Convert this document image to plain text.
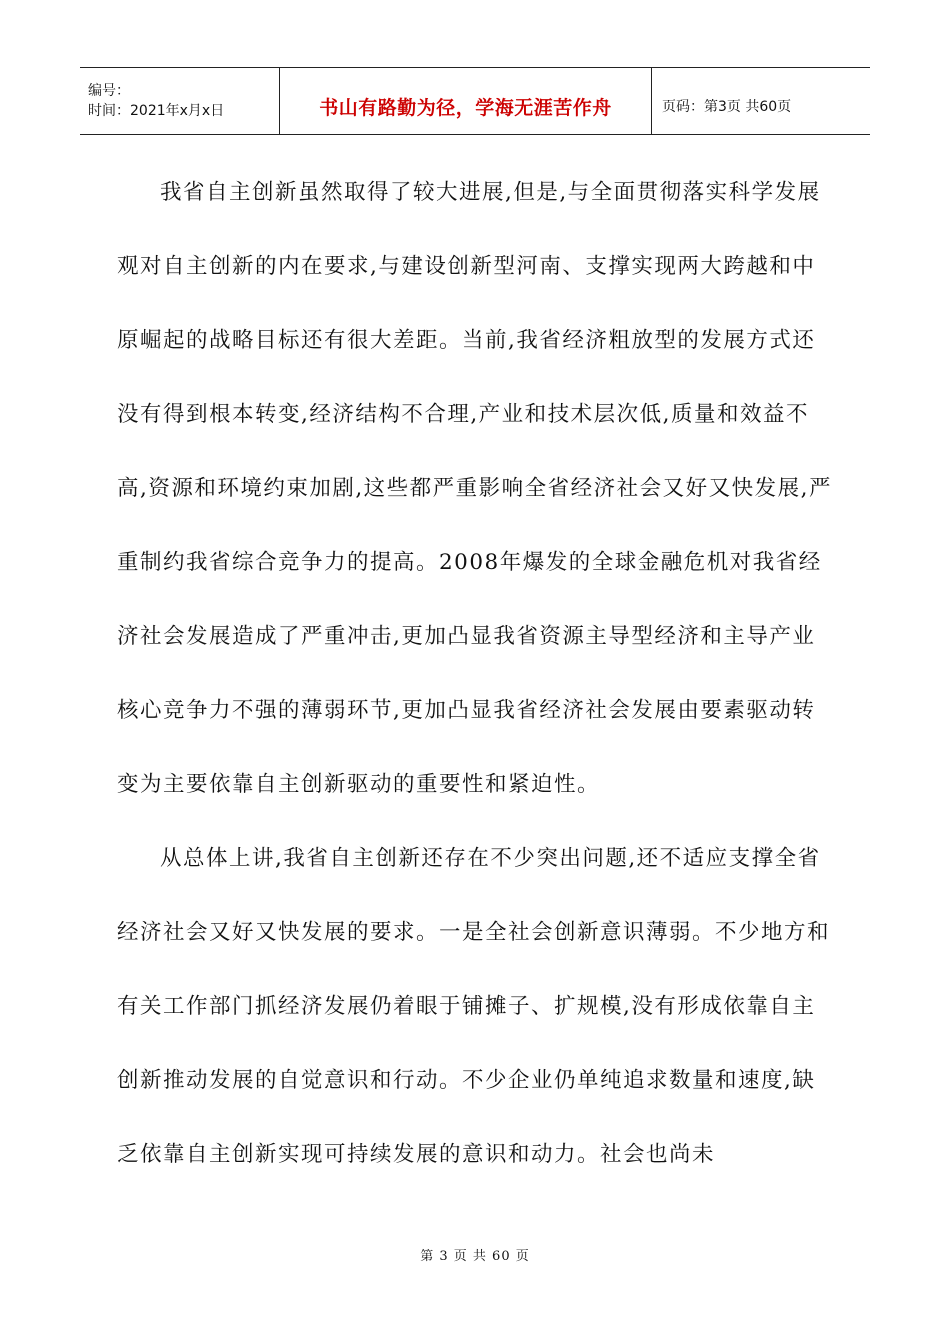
编号：
时间：2021年x月x日	书山有路勤为径，学海无涯苦作舟	页码：第3页 共60页

我省自主创新虽然取得了较大进展,但是,与全面贯彻落实科学发展观对自主创新的内在要求,与建设创新型河南、支撑实现两大跨越和中原崛起的战略目标还有很大差距。当前,我省经济粗放型的发展方式还没有得到根本转变,经济结构不合理,产业和技术层次低,质量和效益不高,资源和环境约束加剧,这些都严重影响全省经济社会又好又快发展,严重制约我省综合竞争力的提高。2008年爆发的全球金融危机对我省经济社会发展造成了严重冲击,更加凸显我省资源主导型经济和主导产业核心竞争力不强的薄弱环节,更加凸显我省经济社会发展由要素驱动转变为主要依靠自主创新驱动的重要性和紧迫性。

从总体上讲,我省自主创新还存在不少突出问题,还不适应支撑全省经济社会又好又快发展的要求。一是全社会创新意识薄弱。不少地方和有关工作部门抓经济发展仍着眼于铺摊子、扩规模,没有形成依靠自主创新推动发展的自觉意识和行动。不少企业仍单纯追求数量和速度,缺乏依靠自主创新实现可持续发展的意识和动力。社会也尚未

第 3 页 共 60 页
